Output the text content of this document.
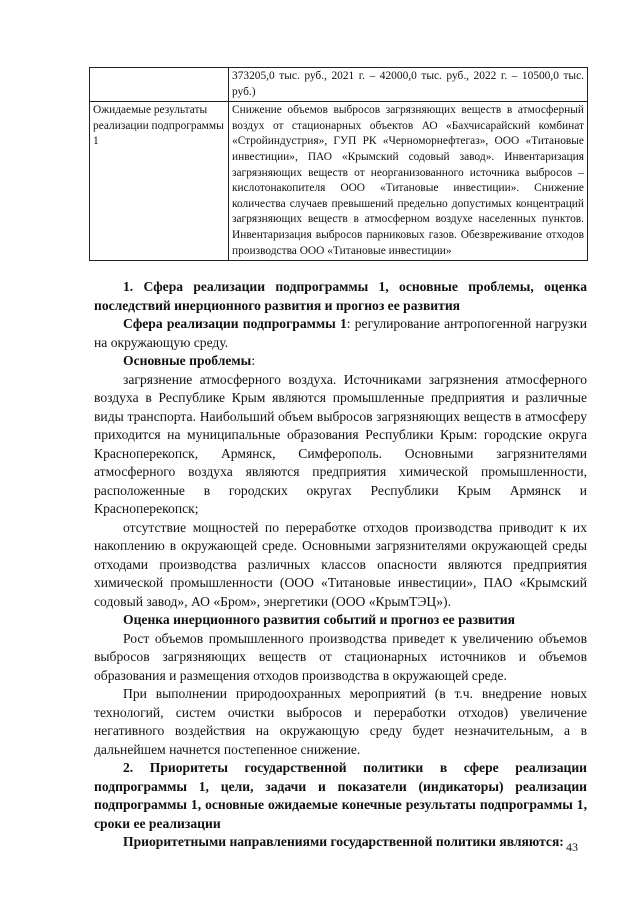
	373205,0 тыс. руб., 2021 г. – 42000,0 тыс. руб., 2022 г. – 10500,0 тыс. руб.)
Ожидаемые результаты реализации подпрограммы 1	Снижение объемов выбросов загрязняющих веществ в атмосферный воздух от стационарных объектов АО «Бахчисарайский комбинат «Стройиндустрия», ГУП РК «Черноморнефтегаз», ООО «Титановые инвестиции», ПАО «Крымский содовый завод». Инвентаризация загрязняющих веществ от неорганизованного источника выбросов – кислотонакопителя ООО «Титановые инвестиции». Снижение количества случаев превышений предельно допустимых концентраций загрязняющих веществ в атмосферном воздухе населенных пунктов. Инвентаризация выбросов парниковых газов. Обезвреживание отходов производства ООО «Титановые инвестиции»

1. Сфера реализации подпрограммы 1, основные проблемы, оценка последствий инерционного развития и прогноз ее развития

Сфера реализации подпрограммы 1: регулирование антропогенной нагрузки на окружающую среду.

Основные проблемы:

загрязнение атмосферного воздуха. Источниками загрязнения атмосферного воздуха в Республике Крым являются промышленные предприятия и различные виды транспорта. Наибольший объем выбросов загрязняющих веществ в атмосферу приходится на муниципальные образования Республики Крым: городские округа Красноперекопск, Армянск, Симферополь. Основными загрязнителями атмосферного воздуха являются предприятия химической промышленности, расположенные в городских округах Республики Крым Армянск и Красноперекопск;

отсутствие мощностей по переработке отходов производства приводит к их накоплению в окружающей среде. Основными загрязнителями окружающей среды отходами производства различных классов опасности являются предприятия химической промышленности (ООО «Титановые инвестиции», ПАО «Крымский содовый завод», АО «Бром», энергетики (ООО «КрымТЭЦ»).

Оценка инерционного развития событий и прогноз ее развития

Рост объемов промышленного производства приведет к увеличению объемов выбросов загрязняющих веществ от стационарных источников и объемов образования и размещения отходов производства в окружающей среде.

При выполнении природоохранных мероприятий (в т.ч. внедрение новых технологий, систем очистки выбросов и переработки отходов) увеличение негативного воздействия на окружающую среду будет незначительным, а в дальнейшем начнется постепенное снижение.

2. Приоритеты государственной политики в сфере реализации подпрограммы 1, цели, задачи и показатели (индикаторы) реализации подпрограммы 1, основные ожидаемые конечные результаты подпрограммы 1, сроки ее реализации

Приоритетными направлениями государственной политики являются: 43
